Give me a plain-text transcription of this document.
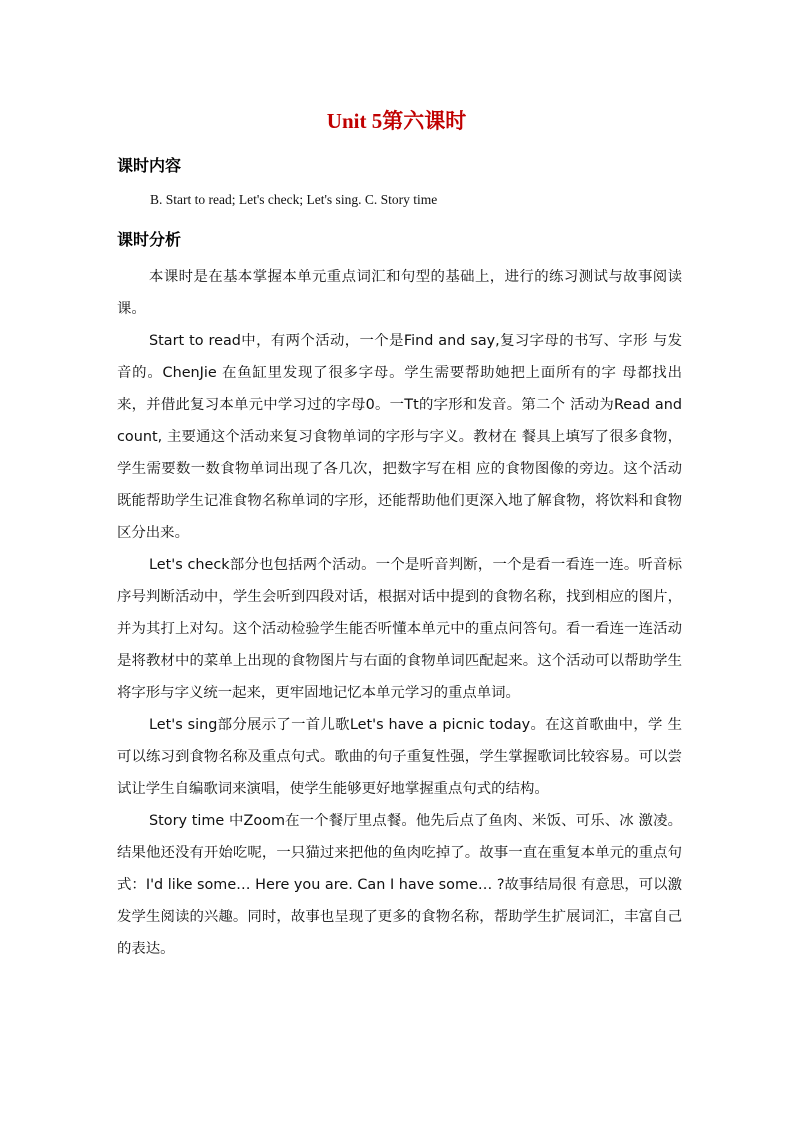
Unit 5第六课时
课时内容
B. Start to read; Let's check; Let's sing. C. Story time
课时分析

本课时是在基本掌握本单元重点词汇和句型的基础上，进行的练习测试与故事阅读课。

Start to read中，有两个活动，一个是Find and say,复习字母的书写、字形 与发音的。ChenJie 在鱼缸里发现了很多字母。学生需要帮助她把上面所有的字 母都找出来，并借此复习本单元中学习过的字母0。一Tt的字形和发音。第二个 活动为Read and count, 主要通这个活动来复习食物单词的字形与字义。教材在 餐具上填写了很多食物，学生需要数一数食物单词出现了各几次，把数字写在相 应的食物图像的旁边。这个活动既能帮助学生记准食物名称单词的字形，还能帮助他们更深入地了解食物，将饮料和食物区分出来。

Let's check部分也包括两个活动。一个是听音判断，一个是看一看连一连。听音标序号判断活动中，学生会听到四段对话，根据对话中提到的食物名称，找到相应的图片，并为其打上对勾。这个活动检验学生能否听懂本单元中的重点问答句。看一看连一连活动是将教材中的菜单上出现的食物图片与右面的食物单词匹配起来。这个活动可以帮助学生将字形与字义统一起来，更牢固地记忆本单元学习的重点单词。

Let's sing部分展示了一首儿歌Let's have a picnic today。在这首歌曲中，学 生可以练习到食物名称及重点句式。歌曲的句子重复性强，学生掌握歌词比较容易。可以尝试让学生自编歌词来演唱，使学生能够更好地掌握重点句式的结构。

Story time 中Zoom在一个餐厅里点餐。他先后点了鱼肉、米饭、可乐、冰 激凌。结果他还没有开始吃呢，一只猫过来把他的鱼肉吃掉了。故事一直在重复本单元的重点句式：I'd like some… Here you are. Can I have some… ?故事结局很 有意思，可以激发学生阅读的兴趣。同时，故事也呈现了更多的食物名称，帮助学生扩展词汇，丰富自己的表达。
